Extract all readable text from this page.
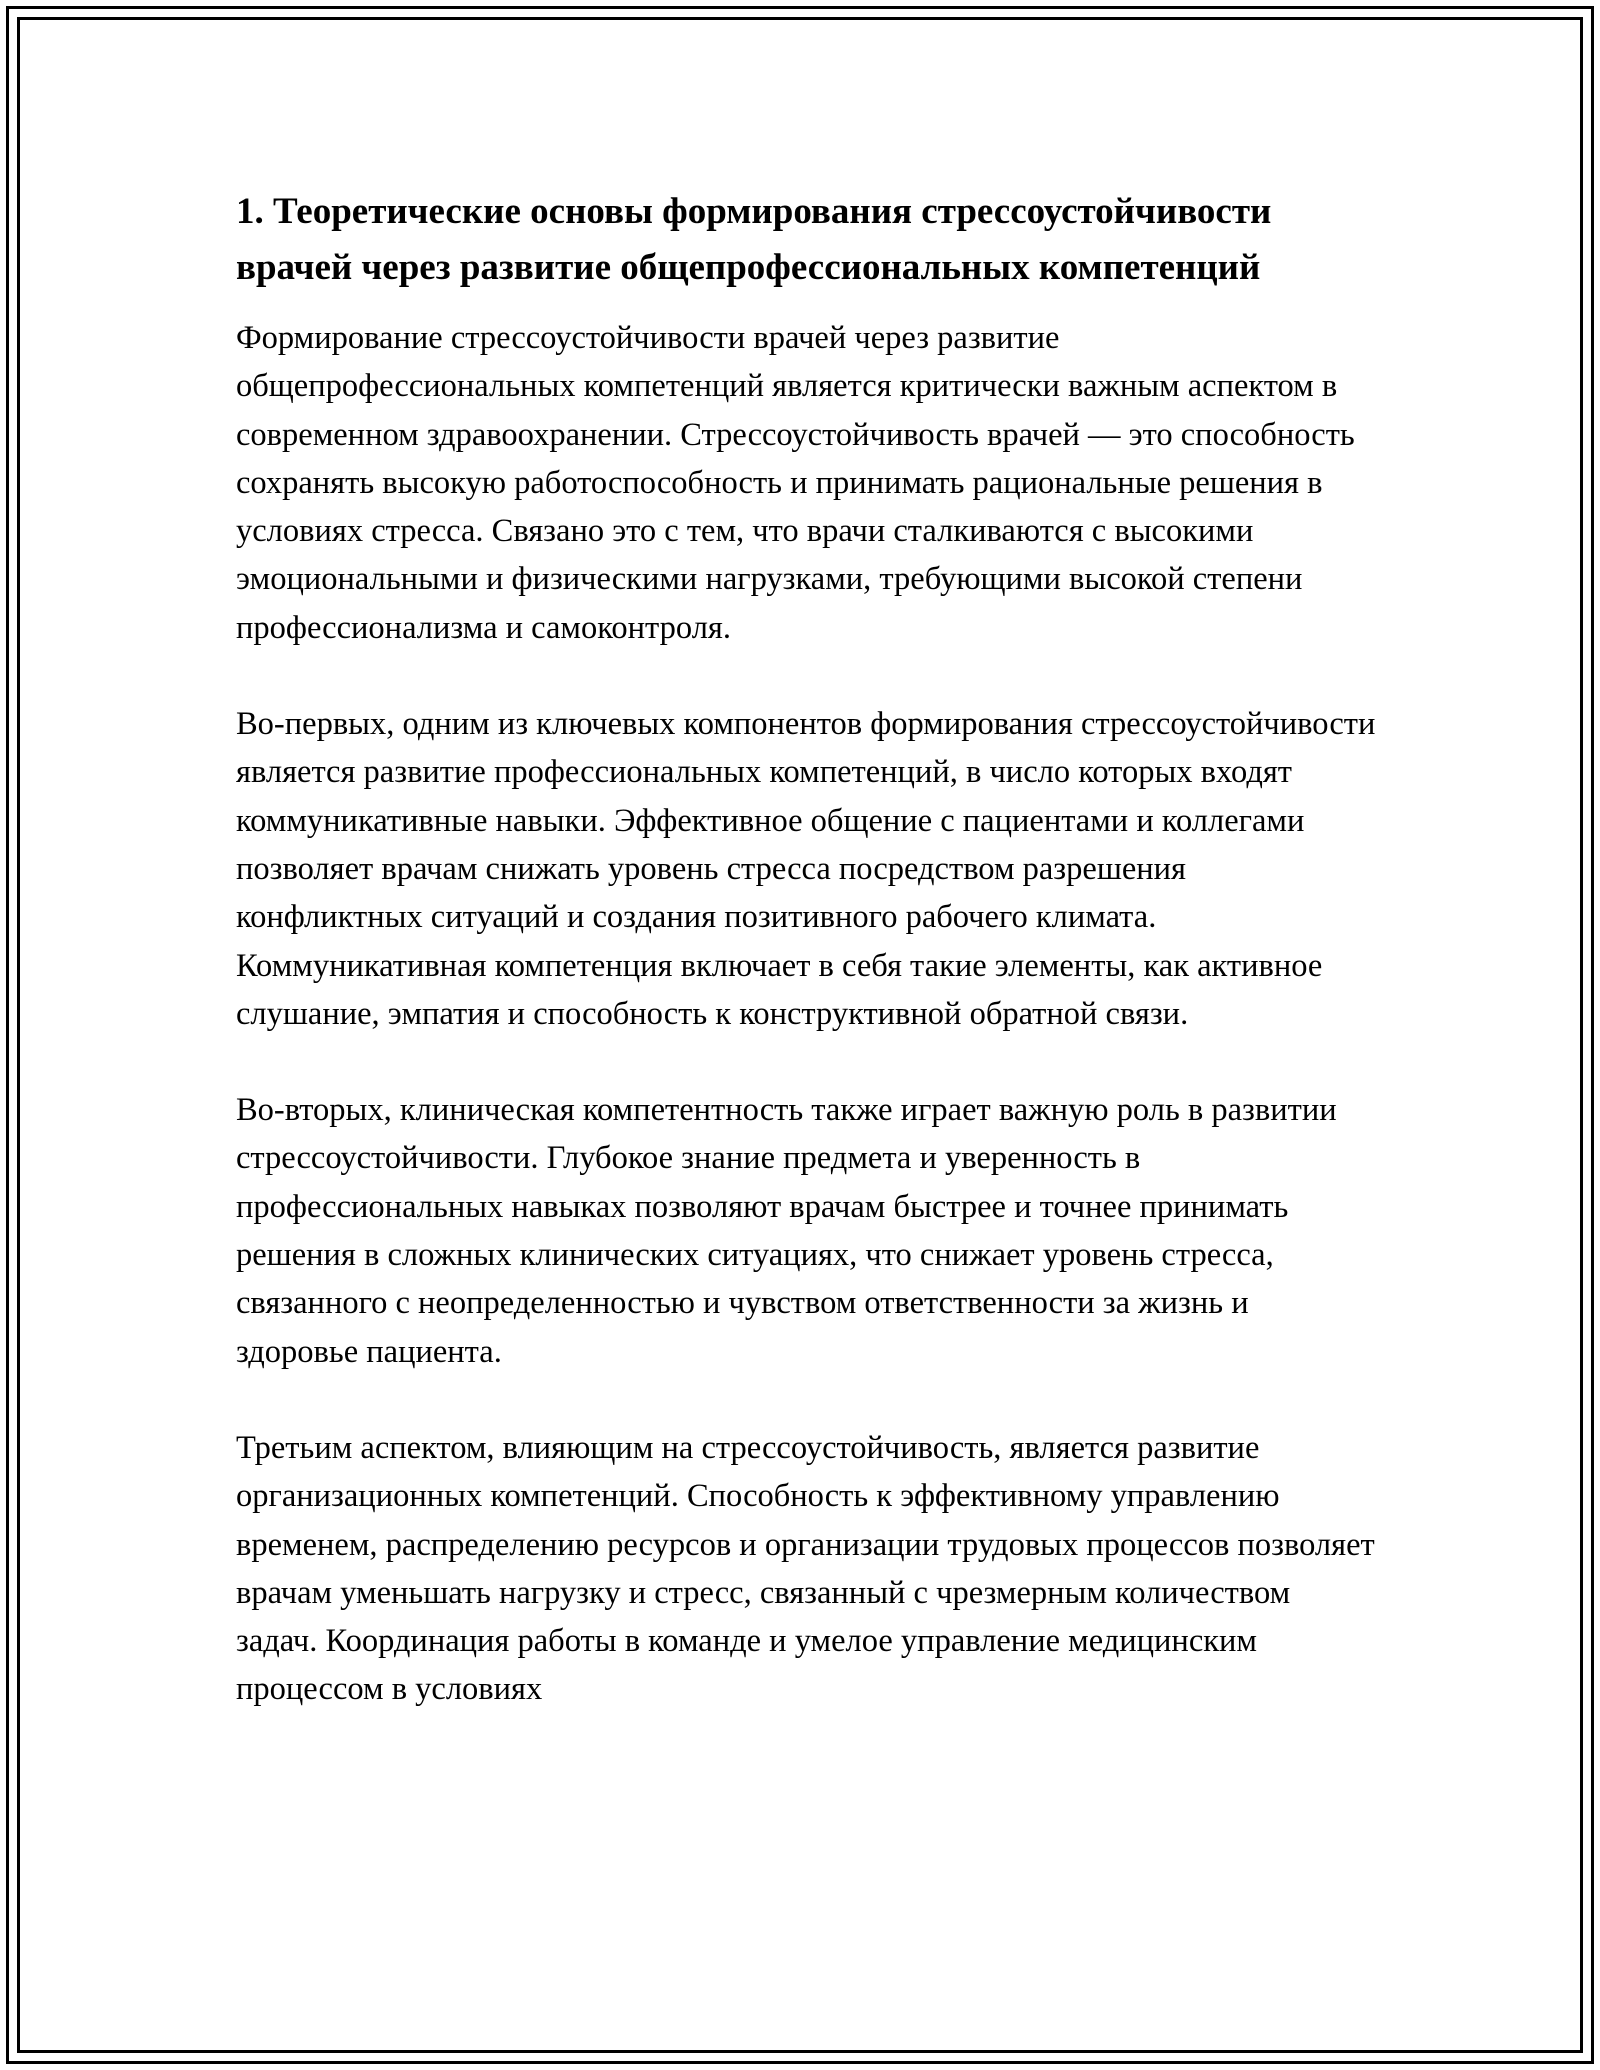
1. Теоретические основы формирования стрессоустойчивости врачей через развитие общепрофессиональных компетенций

Формирование стрессоустойчивости врачей через развитие общепрофессиональных компетенций является критически важным аспектом в современном здравоохранении. Стрессоустойчивость врачей — это способность сохранять высокую работоспособность и принимать рациональные решения в условиях стресса. Связано это с тем, что врачи сталкиваются с высокими эмоциональными и физическими нагрузками, требующими высокой степени профессионализма и самоконтроля.

Во-первых, одним из ключевых компонентов формирования стрессоустойчивости является развитие профессиональных компетенций, в число которых входят коммуникативные навыки. Эффективное общение с пациентами и коллегами позволяет врачам снижать уровень стресса посредством разрешения конфликтных ситуаций и создания позитивного рабочего климата. Коммуникативная компетенция включает в себя такие элементы, как активное слушание, эмпатия и способность к конструктивной обратной связи.

Во-вторых, клиническая компетентность также играет важную роль в развитии стрессоустойчивости. Глубокое знание предмета и уверенность в профессиональных навыках позволяют врачам быстрее и точнее принимать решения в сложных клинических ситуациях, что снижает уровень стресса, связанного с неопределенностью и чувством ответственности за жизнь и здоровье пациента.

Третьим аспектом, влияющим на стрессоустойчивость, является развитие организационных компетенций. Способность к эффективному управлению временем, распределению ресурсов и организации трудовых процессов позволяет врачам уменьшать нагрузку и стресс, связанный с чрезмерным количеством задач. Координация работы в команде и умелое управление медицинским процессом в условиях
